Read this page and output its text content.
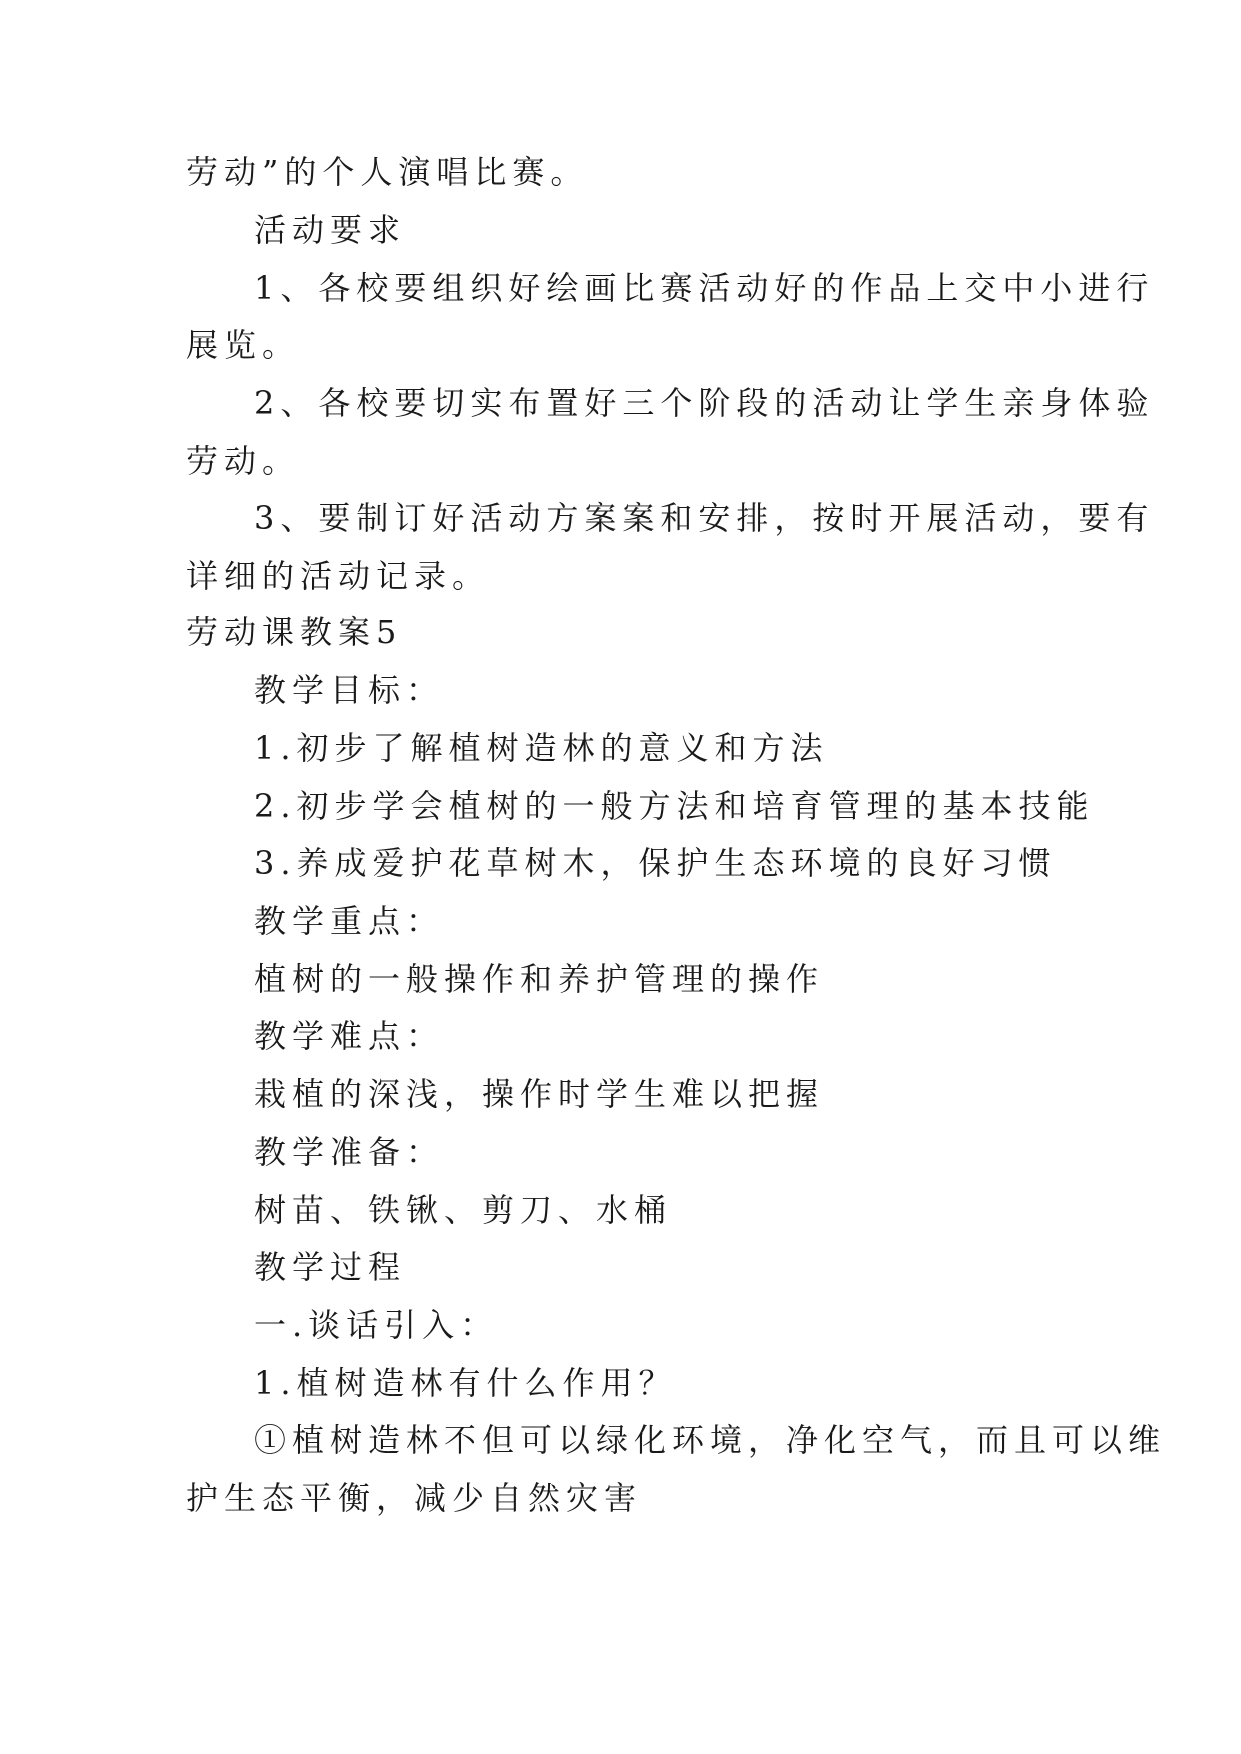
劳动”的个人演唱比赛。

活动要求

1、各校要组织好绘画比赛活动好的作品上交中小进行

展览。

2、各校要切实布置好三个阶段的活动让学生亲身体验

劳动。

3、要制订好活动方案案和安排，按时开展活动，要有

详细的活动记录。

劳动课教案5

教学目标：

1.初步了解植树造林的意义和方法

2.初步学会植树的一般方法和培育管理的基本技能

3.养成爱护花草树木，保护生态环境的良好习惯

教学重点：

植树的一般操作和养护管理的操作

教学难点：

栽植的深浅，操作时学生难以把握

教学准备：

树苗、铁锹、剪刀、水桶

教学过程

一.谈话引入：

1.植树造林有什么作用？

①植树造林不但可以绿化环境，净化空气，而且可以维

护生态平衡，减少自然灾害
